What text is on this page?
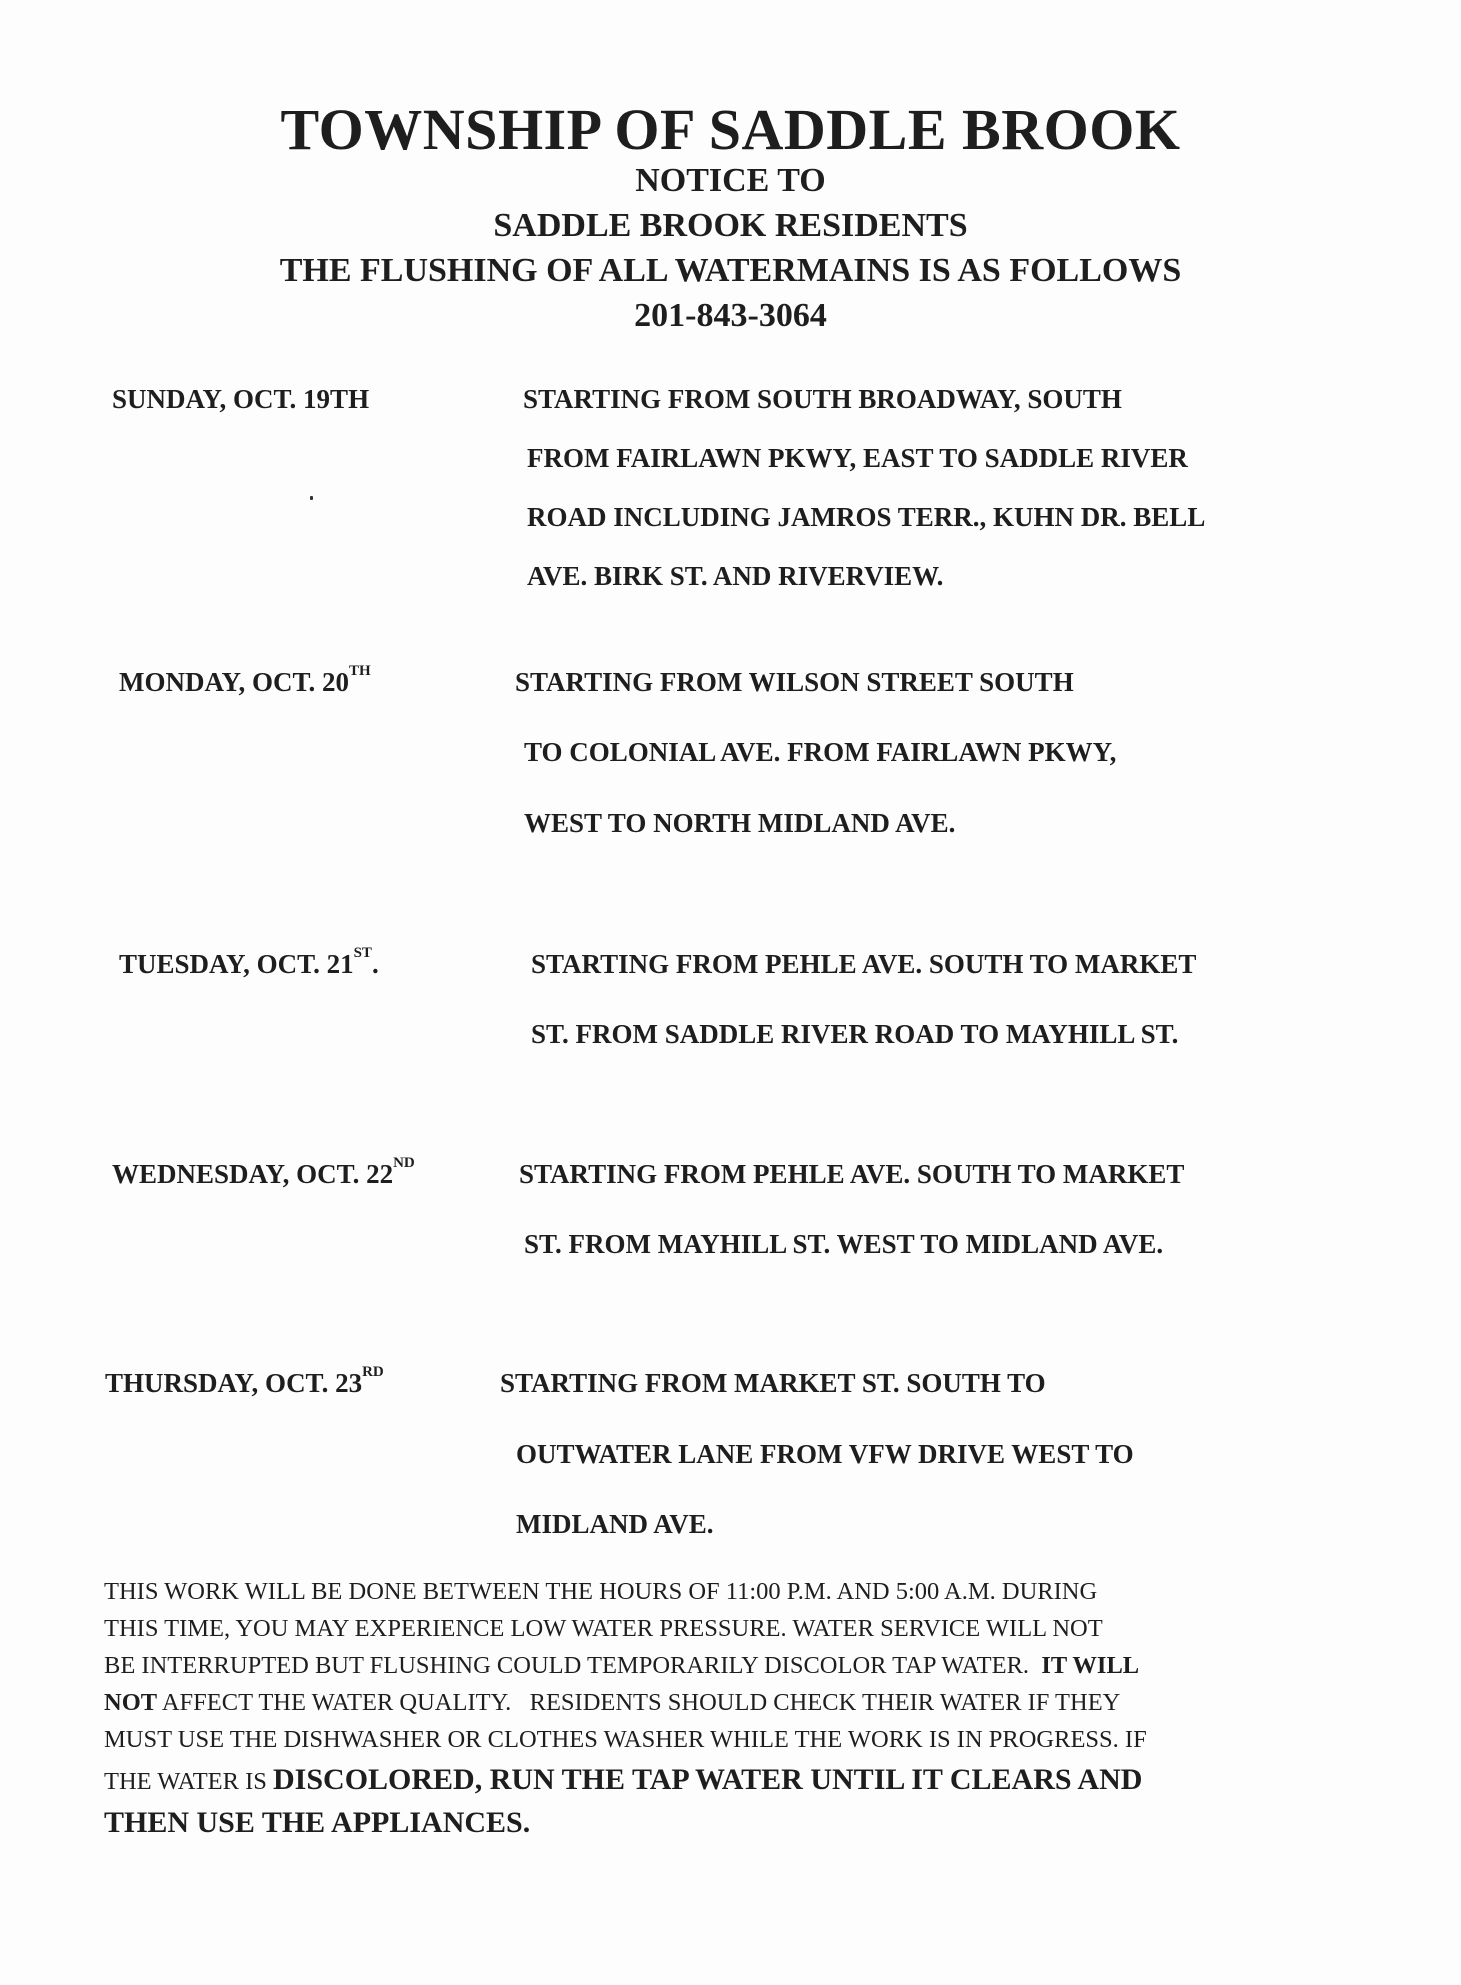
TOWNSHIP OF SADDLE BROOK
NOTICE TO
SADDLE BROOK RESIDENTS
THE FLUSHING OF ALL WATERMAINS IS AS FOLLOWS
201-843-3064
SUNDAY, OCT. 19TH	STARTING FROM SOUTH BROADWAY, SOUTH
FROM FAIRLAWN PKWY, EAST TO SADDLE RIVER
ROAD INCLUDING JAMROS TERR., KUHN DR. BELL
AVE. BIRK ST. AND RIVERVIEW.
MONDAY, OCT. 20TH	STARTING FROM WILSON STREET SOUTH
TO COLONIAL AVE. FROM FAIRLAWN PKWY,
WEST TO NORTH MIDLAND AVE.
TUESDAY, OCT. 21ST.	STARTING FROM PEHLE AVE. SOUTH TO MARKET
ST. FROM SADDLE RIVER ROAD TO MAYHILL ST.
WEDNESDAY, OCT. 22ND	STARTING FROM PEHLE AVE. SOUTH TO MARKET
ST. FROM MAYHILL ST. WEST TO MIDLAND AVE.
THURSDAY, OCT. 23RD	STARTING FROM MARKET ST. SOUTH TO
OUTWATER LANE FROM VFW DRIVE WEST TO
MIDLAND AVE.
THIS WORK WILL BE DONE BETWEEN THE HOURS OF 11:00 P.M. AND 5:00 A.M. DURING
THIS TIME, YOU MAY EXPERIENCE LOW WATER PRESSURE. WATER SERVICE WILL NOT
BE INTERRUPTED BUT FLUSHING COULD TEMPORARILY DISCOLOR TAP WATER.  IT WILL
NOT AFFECT THE WATER QUALITY.   RESIDENTS SHOULD CHECK THEIR WATER IF THEY
MUST USE THE DISHWASHER OR CLOTHES WASHER WHILE THE WORK IS IN PROGRESS. IF
THE WATER IS DISCOLORED, RUN THE TAP WATER UNTIL IT CLEARS AND
THEN USE THE APPLIANCES.
